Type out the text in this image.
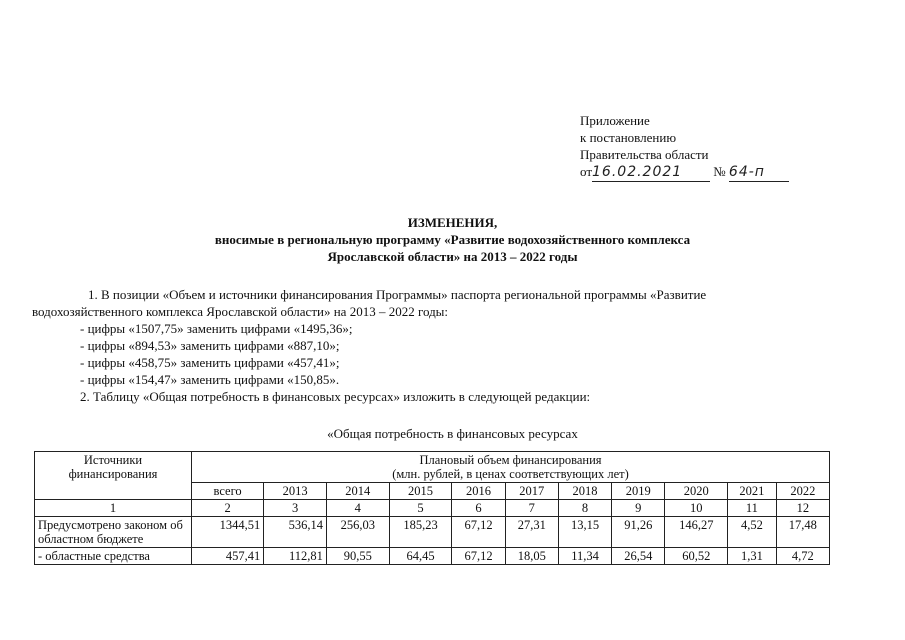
Приложение
к постановлению
Правительства области
от16.02.2021 № 64-п
ИЗМЕНЕНИЯ,
вносимые в региональную программу «Развитие водохозяйственного комплекса
Ярославской области» на 2013 – 2022 годы
1. В позиции «Объем и источники финансирования Программы» паспорта региональной программы «Развитие
водохозяйственного комплекса Ярославской области» на 2013 – 2022 годы:
- цифры «1507,75» заменить цифрами «1495,36»;
- цифры «894,53» заменить цифрами «887,10»;
- цифры «458,75» заменить цифрами «457,41»;
- цифры «154,47» заменить цифрами «150,85».
2. Таблицу «Общая потребность в финансовых ресурсах» изложить в следующей редакции:
«Общая потребность в финансовых ресурсах
Источники финансирования	Плановый объем финансирования
(млн. рублей, в ценах соответствующих лет)										

	всего	2013	2014	2015	2016	2017	2018	2019	2020	2021	2022
1	2	3	4	5	6	7	8	9	10	11	12
Предусмотрено законом об областном бюджете	1344,51	536,14	256,03	185,23	67,12	27,31	13,15	91,26	146,27	4,52	17,48
- областные средства	457,41	112,81	90,55	64,45	67,12	18,05	11,34	26,54	60,52	1,31	4,72
